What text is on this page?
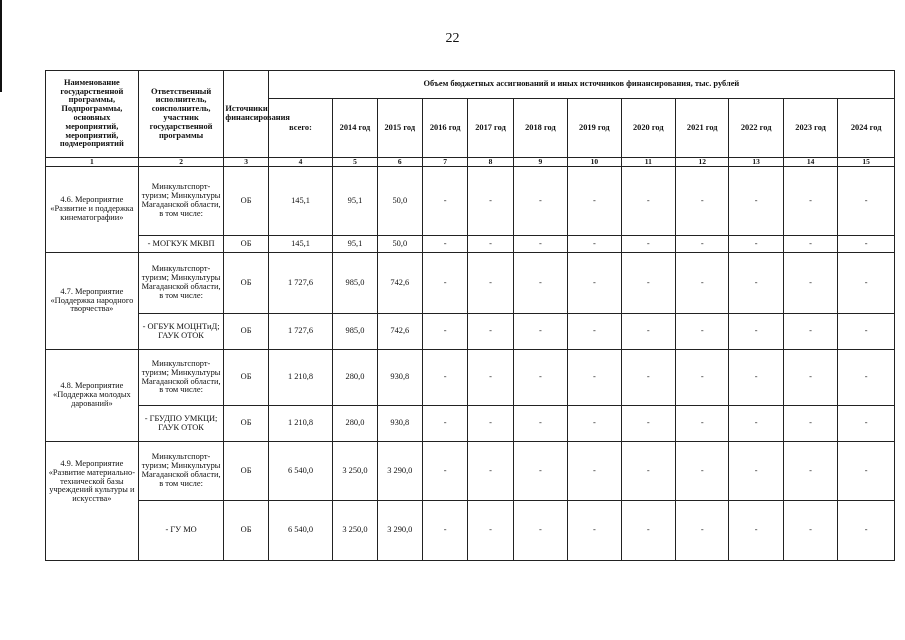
22
Наименование государственной программы, Подпрограммы, основных мероприятий, мероприятий, подмероприятий	Ответственный исполнитель, соисполнитель, участник государственной программы	Источники финансирования	Объем бюджетных ассигнований и иных источников финансирования, тыс. рублей											
			всего:	2014 год	2015 год	2016 год	2017 год	2018 год	2019 год	2020 год	2021 год	2022 год	2023 год	2024 год
1	2	3	4	5	6	7	8	9	10	11	12	13	14	15
4.6. Мероприятие «Развитие и поддержка кинематографии»	Минкультспорт-туризм; Минкультуры Магаданской области, в том числе:	ОБ	145,1	95,1	50,0	-	-	-	-	-	-	-	-	-
	- МОГКУК МКВП	ОБ	145,1	95,1	50,0	-	-	-	-	-	-	-	-	-
4.7. Мероприятие «Поддержка народного творчества»	Минкультспорт-туризм; Минкультуры Магаданской области, в том числе:	ОБ	1 727,6	985,0	742,6	-	-	-	-	-	-	-	-	-
	- ОГБУК МОЦНТиД; ГАУК ОТОК	ОБ	1 727,6	985,0	742,6	-	-	-	-	-	-	-	-	-
4.8. Мероприятие «Поддержка молодых дарований»	Минкультспорт-туризм; Минкультуры Магаданской области, в том числе:	ОБ	1 210,8	280,0	930,8	-	-	-	-	-	-	-	-	-
	- ГБУДПО УМКЦИ; ГАУК ОТОК	ОБ	1 210,8	280,0	930,8	-	-	-	-	-	-	-	-	-
4.9. Мероприятие «Развитие материально-технической базы учреждений культуры и искусства»	Минкультспорт-туризм; Минкультуры Магаданской области, в том числе:	ОБ	6 540,0	3 250,0	3 290,0	-	-	-	-	-	-	-	-	-
	- ГУ МО	ОБ	6 540,0	3 250,0	3 290,0	-	-	-	-	-	-	-	-	-
